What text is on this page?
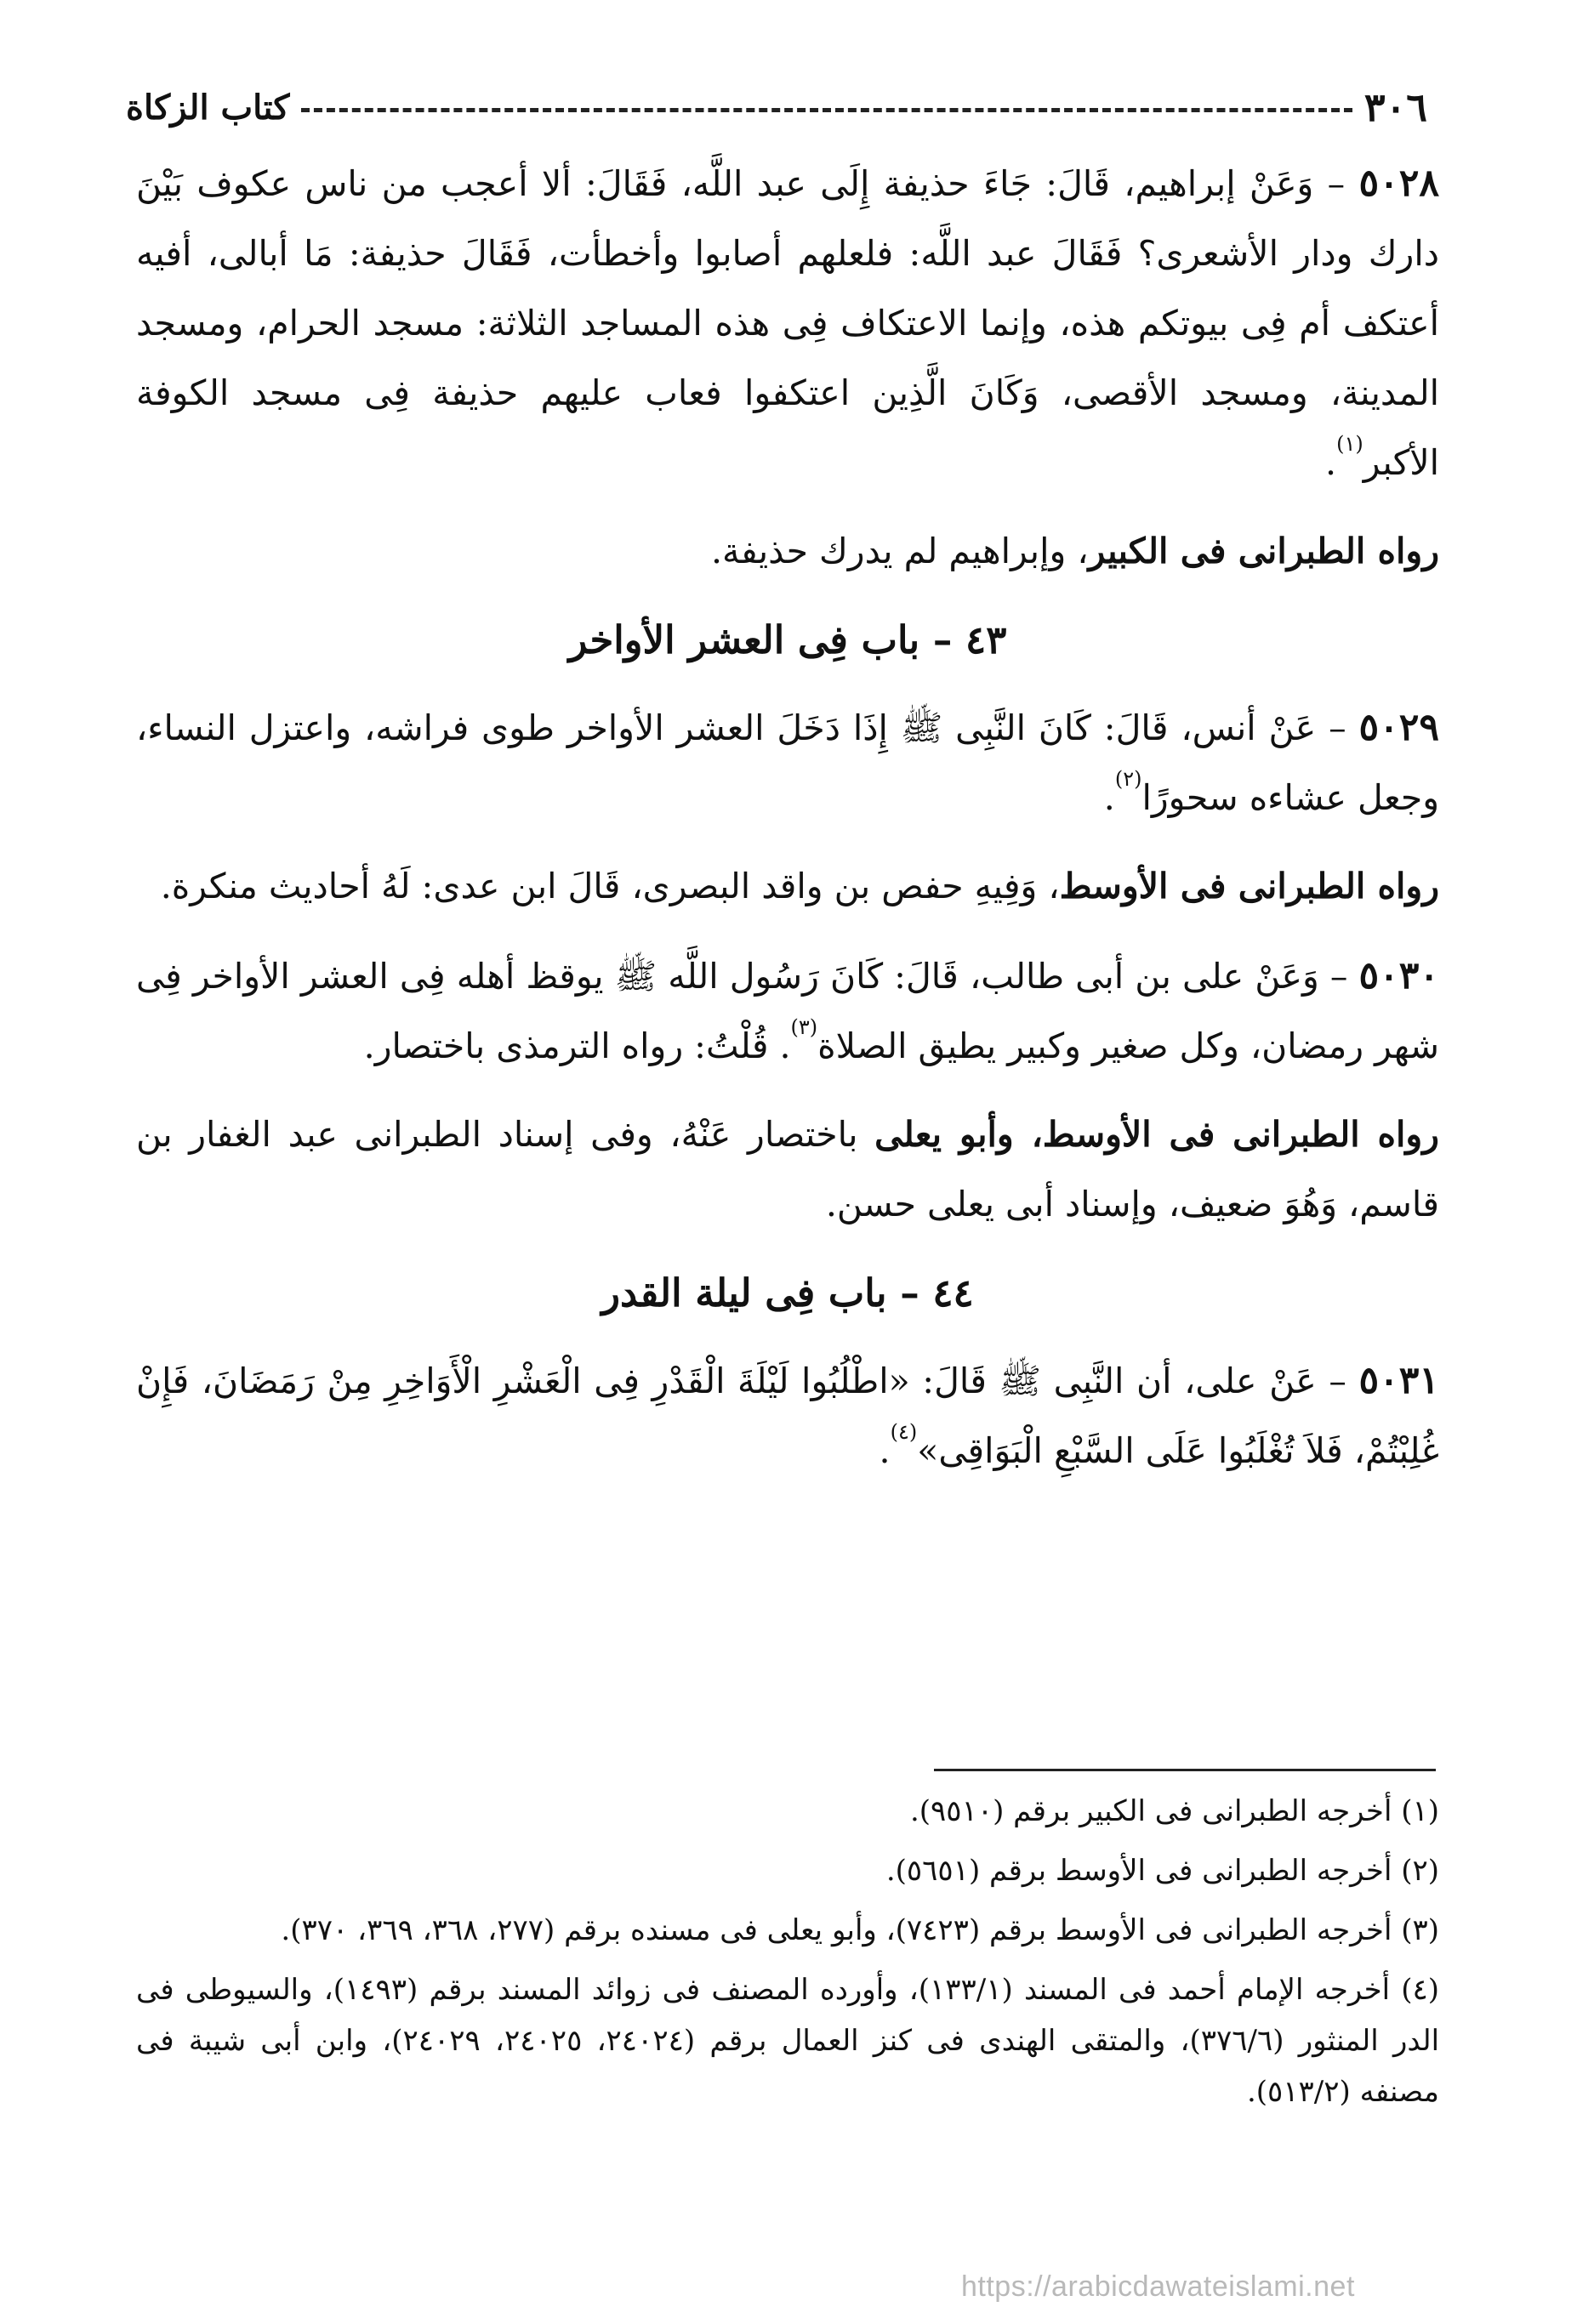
٣٠٦
كتاب الزكاة

٥٠٢٨ – وَعَنْ إبراهيم، قَالَ: جَاءَ حذيفة إِلَى عبد اللَّه، فَقَالَ: ألا أعجب من ناس عكوف بَيْنَ دارك ودار الأشعرى؟ فَقَالَ عبد اللَّه: فلعلهم أصابوا وأخطأت، فَقَالَ حذيفة: مَا أبالى، أفيه أعتكف أم فِى بيوتكم هذه، وإنما الاعتكاف فِى هذه المساجد الثلاثة: مسجد الحرام، ومسجد المدينة، ومسجد الأقصى، وَكَانَ الَّذِين اعتكفوا فعاب عليهم حذيفة فِى مسجد الكوفة الأكبر$^{(١)}$.

رواه الطبرانى فى الكبير، وإبراهيم لم يدرك حذيفة.

٤٣ – باب فِى العشر الأواخر

٥٠٢٩ – عَنْ أنس، قَالَ: كَانَ النَّبِى ﷺ إِذَا دَخَلَ العشر الأواخر طوى فراشه، واعتزل النساء، وجعل عشاءه سحورًا$^{(٢)}$.

رواه الطبرانى فى الأوسط، وَفِيهِ حفص بن واقد البصرى، قَالَ ابن عدى: لَهُ أحاديث منكرة.

٥٠٣٠ – وَعَنْ على بن أبى طالب، قَالَ: كَانَ رَسُول اللَّه ﷺ يوقظ أهله فِى العشر الأواخر فِى شهر رمضان، وكل صغير وكبير يطيق الصلاة$^{(٣)}$. قُلْتُ: رواه الترمذى باختصار.

رواه الطبرانى فى الأوسط، وأبو يعلى باختصار عَنْهُ، وفى إسناد الطبرانى عبد الغفار بن قاسم، وَهُوَ ضعيف، وإسناد أبى يعلى حسن.

٤٤ – باب فِى ليلة القدر

٥٠٣١ – عَنْ على، أن النَّبِى ﷺ قَالَ: «اطْلُبُوا لَيْلَةَ الْقَدْرِ فِى الْعَشْرِ الْأَوَاخِرِ مِنْ رَمَضَانَ، فَإِنْ غُلِبْتُمْ، فَلاَ تُغْلَبُوا عَلَى السَّبْعِ الْبَوَاقِى»$^{(٤)}$.

(١) أخرجه الطبرانى فى الكبير برقم (٩٥١٠).

(٢) أخرجه الطبرانى فى الأوسط برقم (٥٦٥١).

(٣) أخرجه الطبرانى فى الأوسط برقم (٧٤٢٣)، وأبو يعلى فى مسنده برقم (٢٧٧، ٣٦٨، ٣٦٩، ٣٧٠).

(٤) أخرجه الإمام أحمد فى المسند (١٣٣/١)، وأورده المصنف فى زوائد المسند برقم (١٤٩٣)، والسيوطى فى الدر المنثور (٣٧٦/٦)، والمتقى الهندى فى كنز العمال برقم (٢٤٠٢٤، ٢٤٠٢٥، ٢٤٠٢٩)، وابن أبى شيبة فى مصنفه (٥١٣/٢).

https://arabicdawateislami.net
